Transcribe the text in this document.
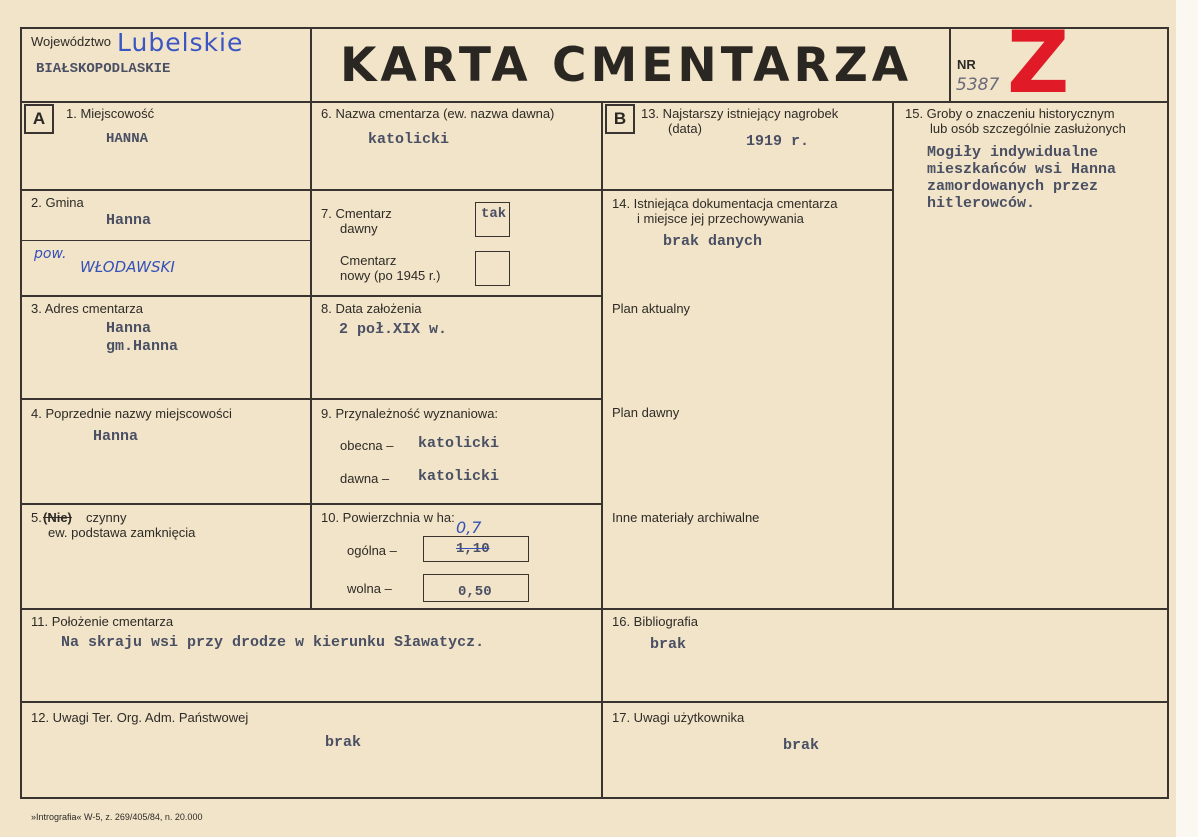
Województwo Lubelskie
BIAŁSKOPODLASKIE	KARTA CMENTARZA	NR
5387 Z
A	B
1. Miejscowość
HANNA
2. Gmina
Hanna
pow.
WŁODAWSKI
3. Adres cmentarza
Hanna
gm.Hanna
4. Poprzednie nazwy miejscowości
Hanna
5. (Nie) czynny
ew. podstawa zamknięcia
6. Nazwa cmentarza (ew. nazwa dawna)
katolicki
7. Cmentarz
dawny
tak
Cmentarz
nowy (po 1945 r.)
8. Data założenia
2 poł.XIX w.
9. Przynależność wyznaniowa:
obecna – katolicki
dawna – katolicki
10. Powierzchnia w ha:
ogólna –	1,10
0,7
wolna –	0,50
13. Najstarszy istniejący nagrobek
(data)
1919 r.
14. Istniejąca dokumentacja cmentarza
i miejsce jej przechowywania
brak danych
Plan aktualny
Plan dawny
Inne materiały archiwalne
15. Groby o znaczeniu historycznym
lub osób szczególnie zasłużonych
Mogiły indywidualne
mieszkańców wsi Hanna
zamordowanych przez
hitlerowców.
11. Położenie cmentarza
Na skraju wsi przy drodze w kierunku Sławatycz.
16. Bibliografia
brak
12. Uwagi Ter. Org. Adm. Państwowej
brak
17. Uwagi użytkownika
brak
»Intrografia« W-5, z. 269/405/84, n. 20.000
